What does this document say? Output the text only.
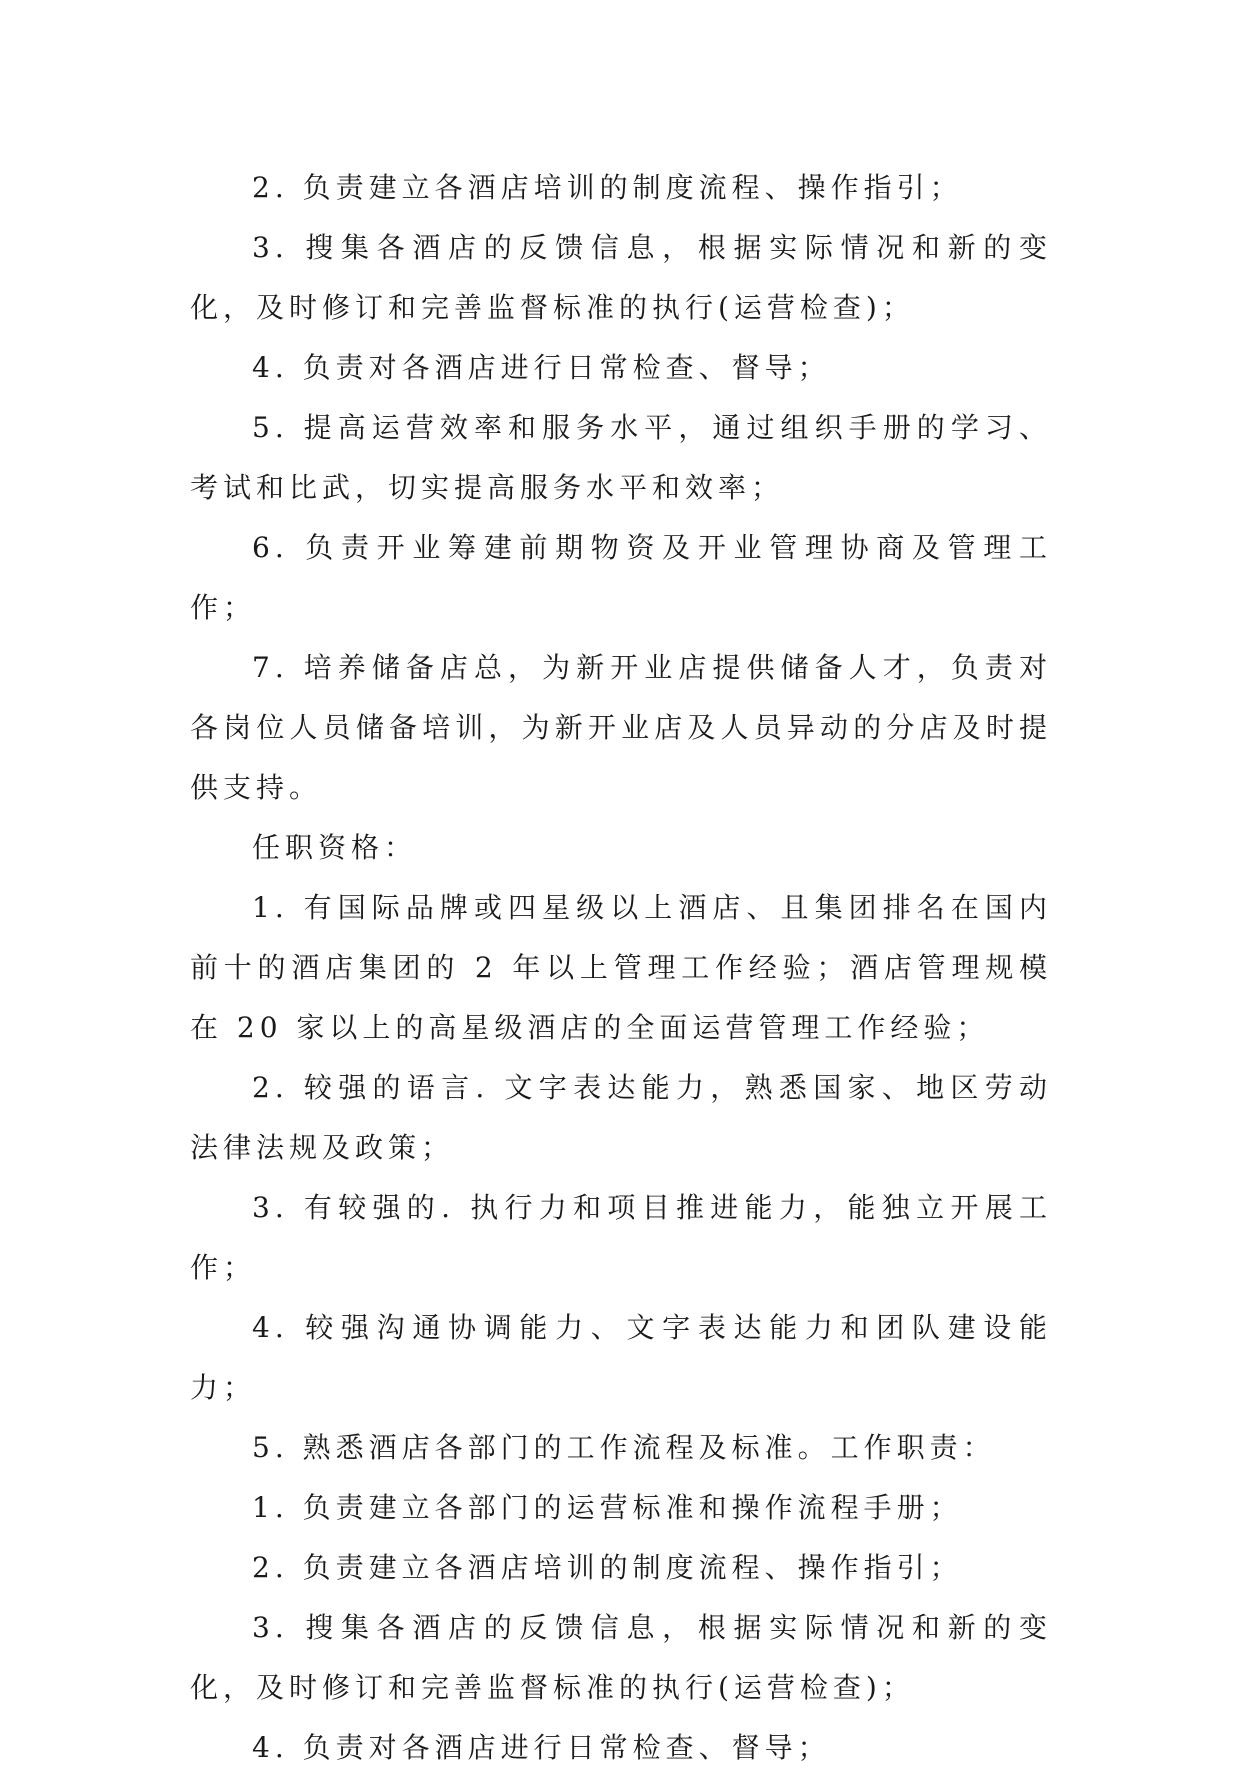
2. 负责建立各酒店培训的制度流程、操作指引；

3. 搜集各酒店的反馈信息，根据实际情况和新的变化，及时修订和完善监督标准的执行(运营检查)；

4. 负责对各酒店进行日常检查、督导；

5. 提高运营效率和服务水平，通过组织手册的学习、考试和比武，切实提高服务水平和效率；

6. 负责开业筹建前期物资及开业管理协商及管理工作；

7. 培养储备店总，为新开业店提供储备人才，负责对各岗位人员储备培训，为新开业店及人员异动的分店及时提供支持。

任职资格：

1. 有国际品牌或四星级以上酒店、且集团排名在国内前十的酒店集团的 2 年以上管理工作经验；酒店管理规模在 20 家以上的高星级酒店的全面运营管理工作经验；

2. 较强的语言. 文字表达能力，熟悉国家、地区劳动法律法规及政策；

3. 有较强的. 执行力和项目推进能力，能独立开展工作；

4. 较强沟通协调能力、文字表达能力和团队建设能力；

5. 熟悉酒店各部门的工作流程及标准。工作职责：

1. 负责建立各部门的运营标准和操作流程手册；

2. 负责建立各酒店培训的制度流程、操作指引；

3. 搜集各酒店的反馈信息，根据实际情况和新的变化，及时修订和完善监督标准的执行(运营检查)；

4. 负责对各酒店进行日常检查、督导；
